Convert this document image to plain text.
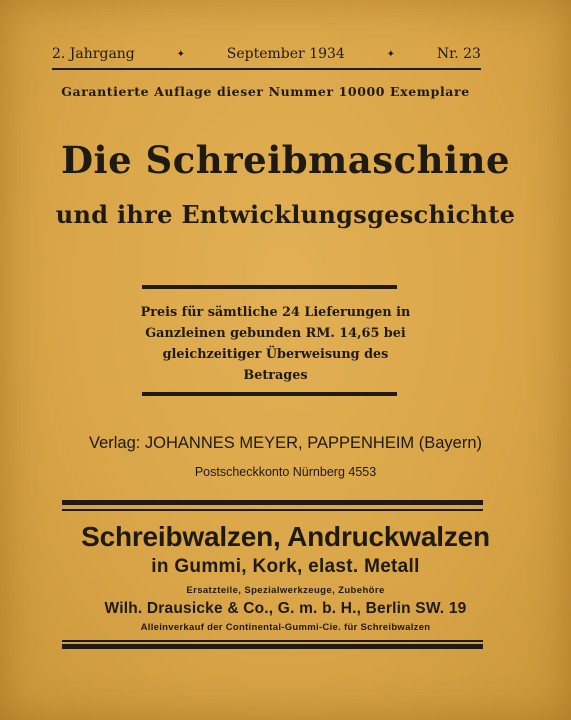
2. Jahrgang	✦	September 1934	✦	Nr. 23
Garantierte Auflage dieser Nummer 10000 Exemplare
Die Schreibmaschine
und ihre Entwicklungsgeschichte
Preis für sämtliche 24 Lieferungen in
Ganzleinen gebunden RM. 14,65 bei
gleichzeitiger Überweisung des Betrages
Verlag: JOHANNES MEYER, PAPPENHEIM (Bayern)
Postscheckkonto Nürnberg 4553
Schreibwalzen, Andruckwalzen
in Gummi, Kork, elast. Metall
Ersatzteile, Spezialwerkzeuge, Zubehöre
Wilh. Drausicke & Co., G. m. b. H., Berlin SW. 19
Alleinverkauf der Continental-Gummi-Cie. für Schreibwalzen
